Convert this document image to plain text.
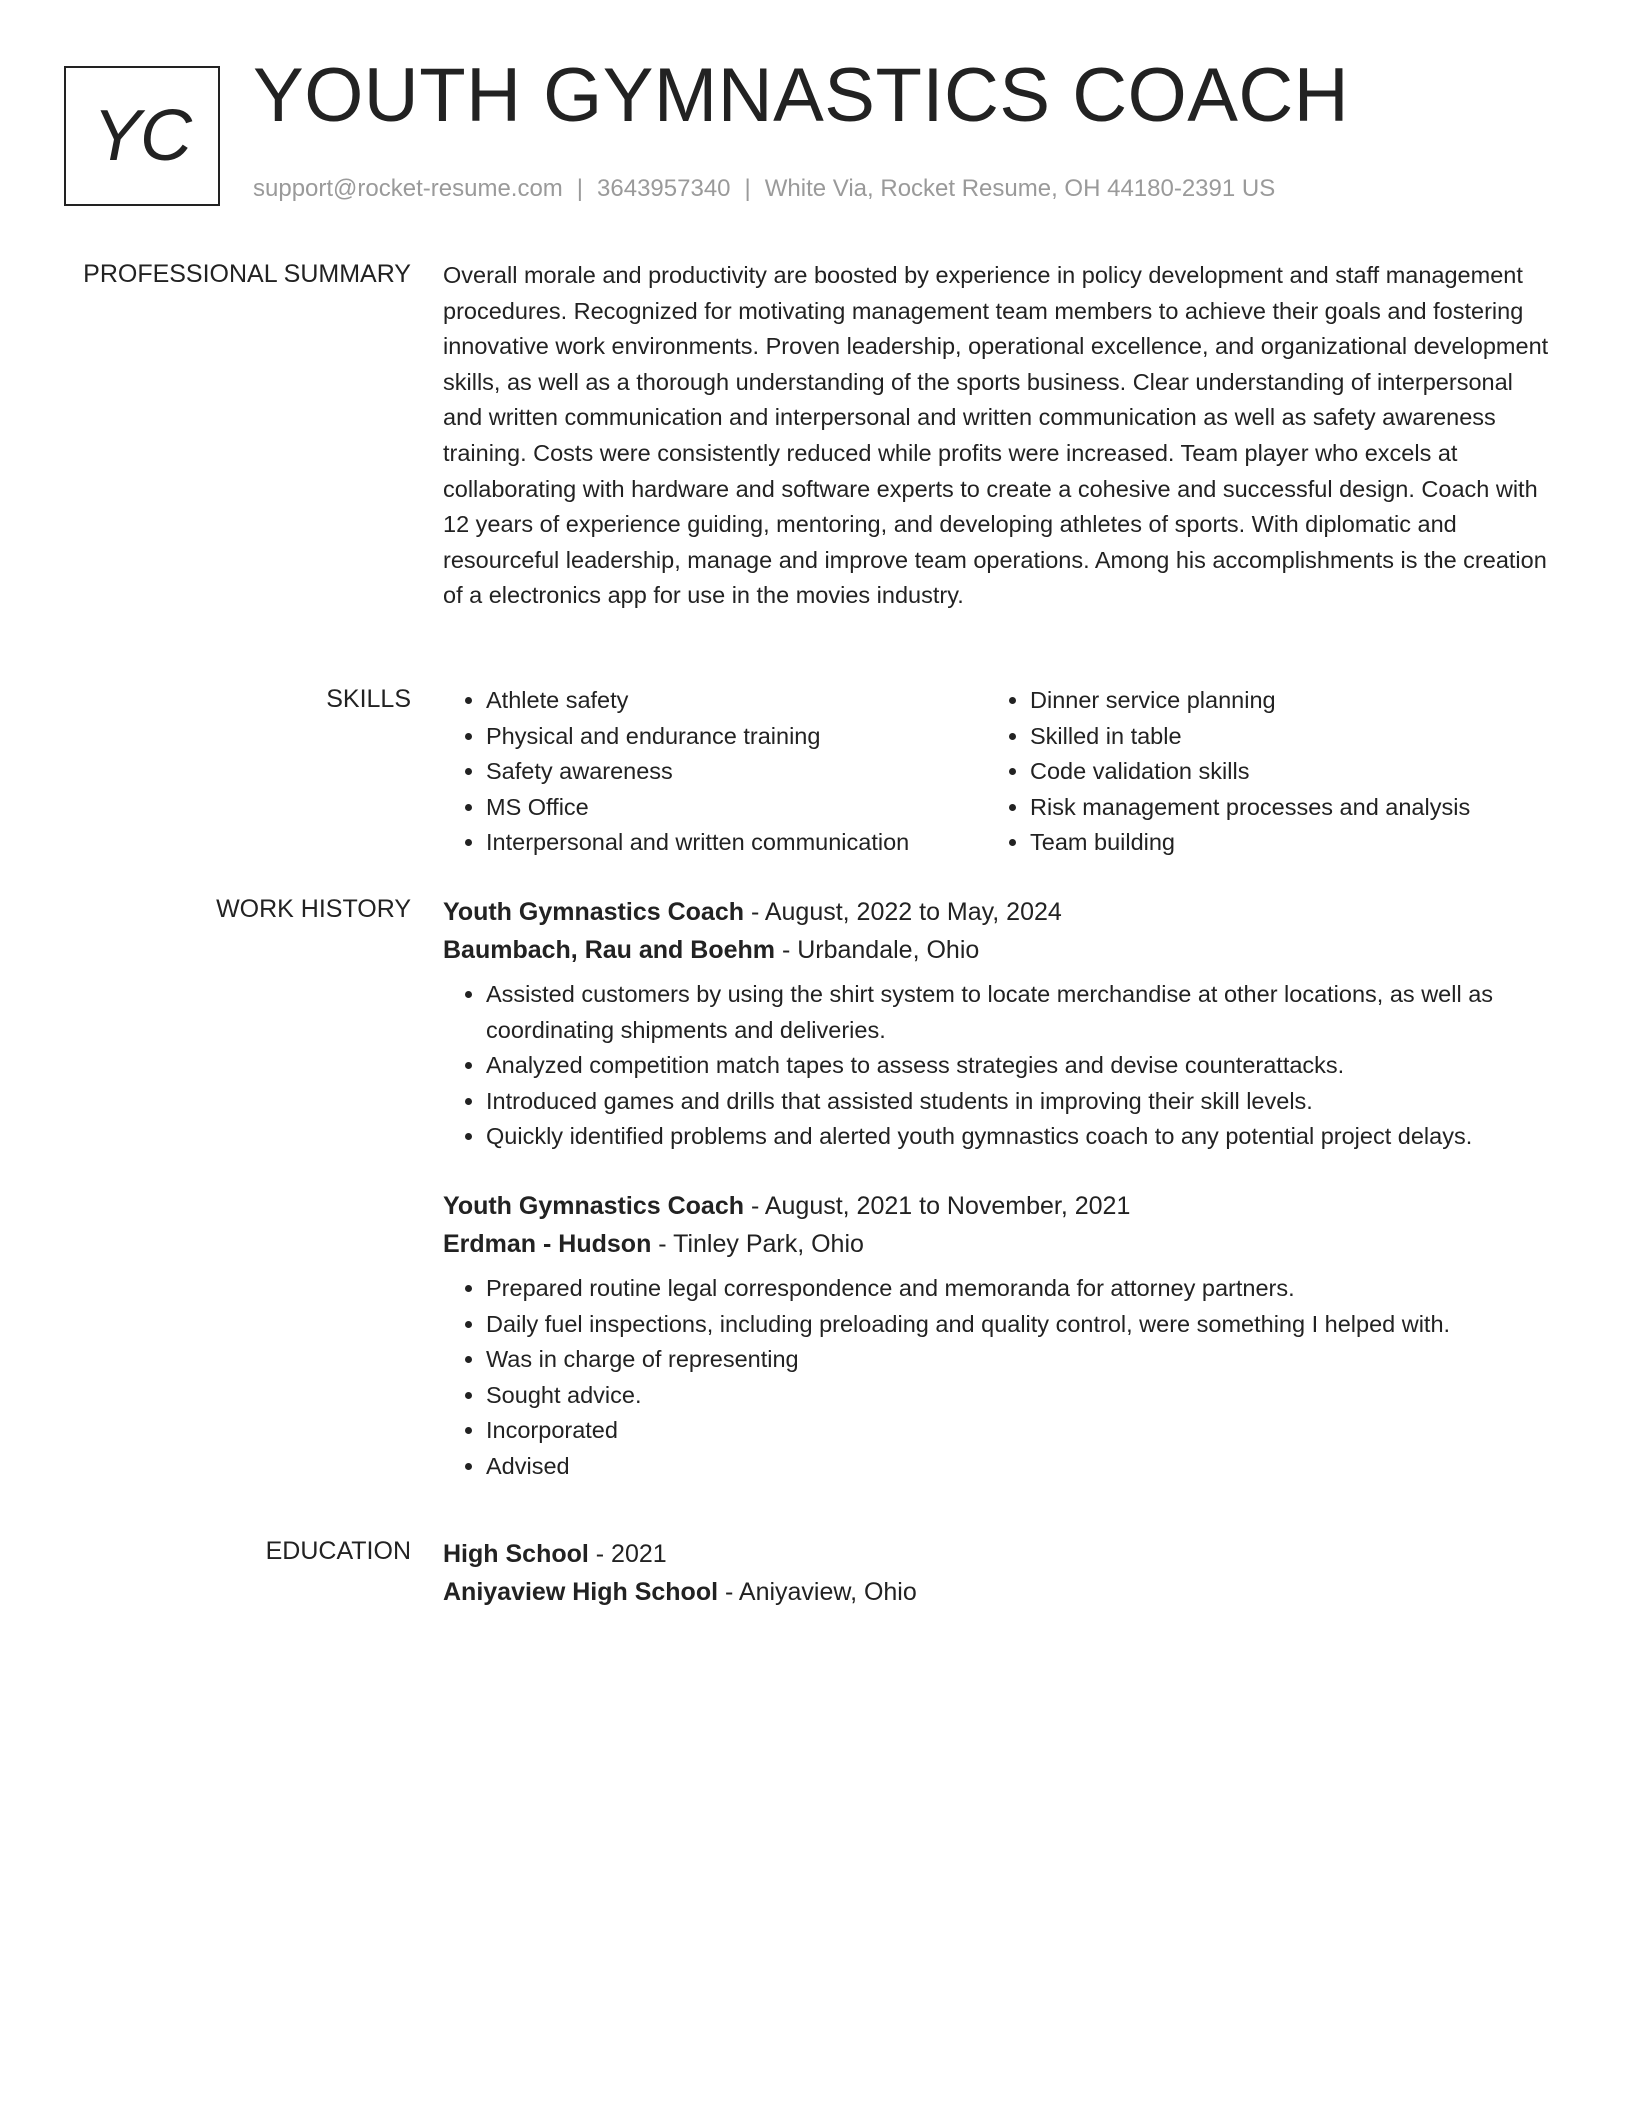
YC YOUTH GYMNASTICS COACH
support@rocket-resume.com | 3643957340 | White Via, Rocket Resume, OH 44180-2391 US
PROFESSIONAL SUMMARY Overall morale and productivity are boosted by experience in policy development and staff management procedures. Recognized for motivating management team members to achieve their goals and fostering innovative work environments. Proven leadership, operational excellence, and organizational development skills, as well as a thorough understanding of the sports business. Clear understanding of interpersonal and written communication and interpersonal and written communication as well as safety awareness training. Costs were consistently reduced while profits were increased. Team player who excels at collaborating with hardware and software experts to create a cohesive and successful design. Coach with 12 years of experience guiding, mentoring, and developing athletes of sports. With diplomatic and resourceful leadership, manage and improve team operations. Among his accomplishments is the creation of a electronics app for use in the movies industry.

SKILLS
•	Athlete safety
• Physical and endurance training
• Safety awareness
• MS Office
• Interpersonal and written communication
• Dinner service planning
• Skilled in table
• Code validation skills
• Risk management processes and analysis
• Team building
WORK HISTORY Youth Gymnastics Coach - August, 2022 to May, 2024
Baumbach, Rau and Boehm - Urbandale, Ohio
• Assisted customers by using the shirt system to locate merchandise at other locations, as well as coordinating shipments and deliveries.
• Analyzed competition match tapes to assess strategies and devise counterattacks.
• Introduced games and drills that assisted students in improving their skill levels.
• Quickly identified problems and alerted youth gymnastics coach to any potential project delays.
Youth Gymnastics Coach - August, 2021 to November, 2021
Erdman - Hudson - Tinley Park, Ohio
• Prepared routine legal correspondence and memoranda for attorney partners.
• Daily fuel inspections, including preloading and quality control, were something I helped with.
• Was in charge of representing
• Sought advice.
• Incorporated
• Advised
EDUCATION High School - 2021
Aniyaview High School - Aniyaview, Ohio
